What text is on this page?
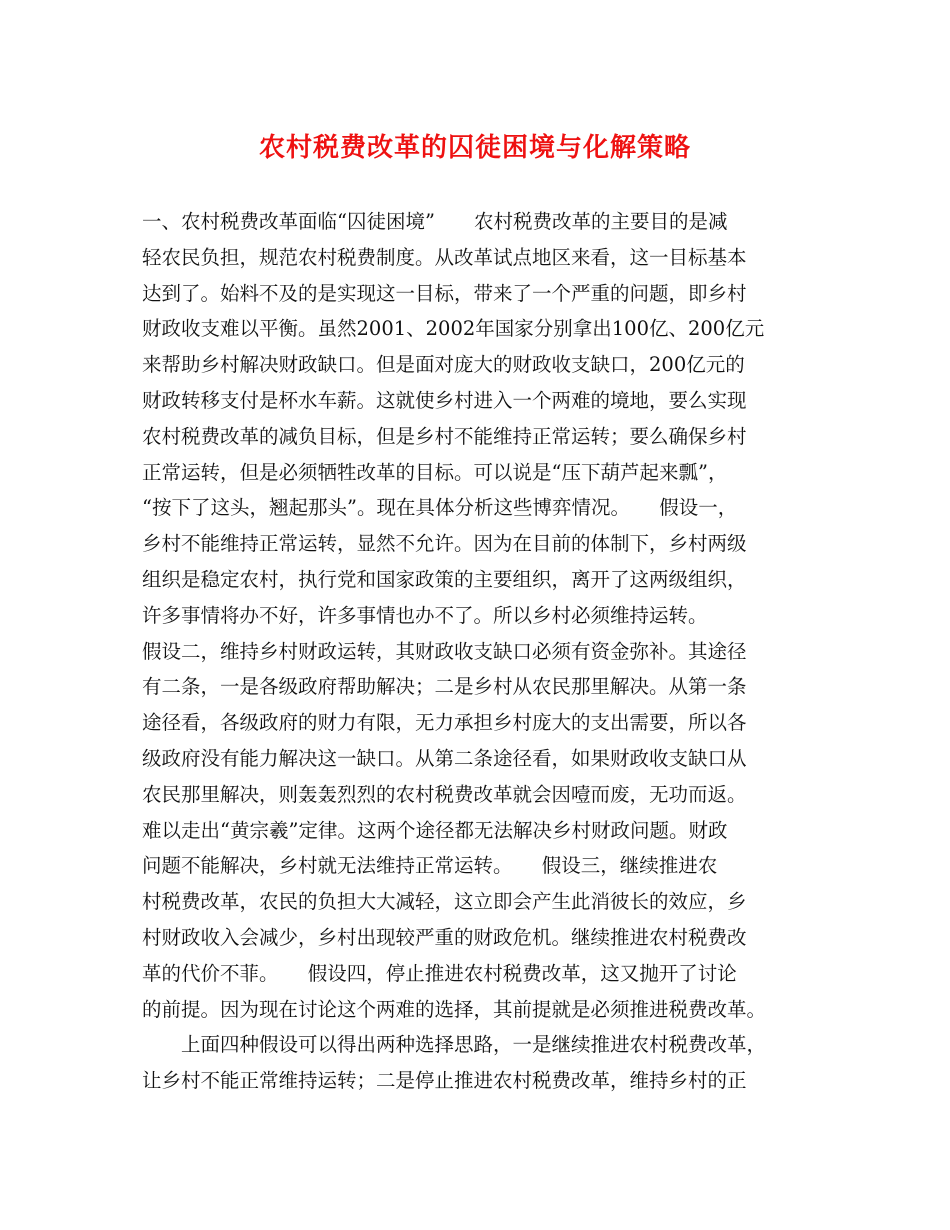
农村税费改革的囚徒困境与化解策略
一、农村税费改革面临“囚徒困境”　　农村税费改革的主要目的是减
轻农民负担，规范农村税费制度。从改革试点地区来看，这一目标基本
达到了。始料不及的是实现这一目标，带来了一个严重的问题，即乡村
财政收支难以平衡。虽然2001、2002年国家分别拿出100亿、200亿元
来帮助乡村解决财政缺口。但是面对庞大的财政收支缺口，200亿元的
财政转移支付是杯水车薪。这就使乡村进入一个两难的境地，要么实现
农村税费改革的减负目标，但是乡村不能维持正常运转；要么确保乡村
正常运转，但是必须牺牲改革的目标。可以说是“压下葫芦起来瓢”，
“按下了这头，翘起那头”。现在具体分析这些博弈情况。　　假设一，
乡村不能维持正常运转，显然不允许。因为在目前的体制下，乡村两级
组织是稳定农村，执行党和国家政策的主要组织，离开了这两级组织，
许多事情将办不好，许多事情也办不了。所以乡村必须维持运转。
假设二，维持乡村财政运转，其财政收支缺口必须有资金弥补。其途径
有二条，一是各级政府帮助解决；二是乡村从农民那里解决。从第一条
途径看，各级政府的财力有限，无力承担乡村庞大的支出需要，所以各
级政府没有能力解决这一缺口。从第二条途径看，如果财政收支缺口从
农民那里解决，则轰轰烈烈的农村税费改革就会因噎而废，无功而返。
难以走出“黄宗羲”定律。这两个途径都无法解决乡村财政问题。财政
问题不能解决，乡村就无法维持正常运转。　　假设三，继续推进农
村税费改革，农民的负担大大减轻，这立即会产生此消彼长的效应，乡
村财政收入会减少，乡村出现较严重的财政危机。继续推进农村税费改
革的代价不菲。　　假设四，停止推进农村税费改革，这又抛开了讨论
的前提。因为现在讨论这个两难的选择，其前提就是必须推进税费改革。
　　上面四种假设可以得出两种选择思路，一是继续推进农村税费改革，
让乡村不能正常维持运转；二是停止推进农村税费改革，维持乡村的正
